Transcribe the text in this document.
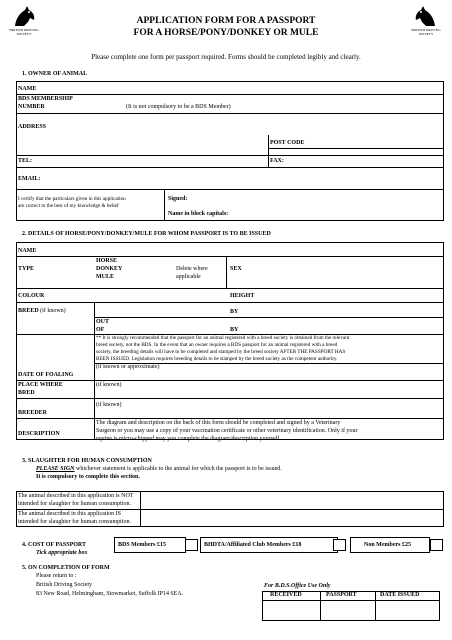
BRITISH DRIVING SOCIETY
BRITISH DRIVING SOCIETY
APPLICATION FORM FOR A PASSPORT
FOR A HORSE/PONY/DONKEY OR MULE
Please complete one form per passport required. Forms should be completed legibly and clearly.
1. OWNER OF ANIMAL
NAME
BDS MEMBERSHIP
NUMBER	(It is not compulsory to be a BDS Member)
ADDRESS
POST CODE
TEL:	FAX:
EMAIL:
I certify that the particulars given in this application
are correct to the best of my knowledge & belief
Signed:
Name in block capitals:
2. DETAILS OF HORSE/PONY/DONKEY/MULE FOR WHOM PASSPORT IS TO BE ISSUED
NAME
TYPE
HORSE
DONKEY
MULE
Delete where
applicable
SEX
COLOUR	HEIGHT
BREED (if known)	BY
OUT
OF	BY
** It is strongly recommended that the passport for an animal registered with a breed society is obtained from the relevant
breed society, not the BDS. In the event that an owner requires a BDS passport for an animal registered with a breed
society, the breeding details will have to be completed and stamped by the breed society AFTER THE PASSPORT HAS
BEEN ISSUED. Legislation requires breeding details to be stamped by the breed society as the competent authority.
(if known or approximate)
DATE OF FOALING
(if known)
PLACE WHERE
BRED
(if known)
BREEDER
The diagram and description on the back of this form should be completed and signed by a Veterinary
Surgeon or you may use a copy of your vaccination certificate or other veterinary identification. Only if your
equine is micro-chipped may you complete the diagram/description yourself
DESCRIPTION
3. SLAUGHTER FOR HUMAN CONSUMPTION
PLEASE SIGN whichever statement is applicable to the animal for which the passport is to be issued.
It is compulsory to complete this section.
The animal described in this application is NOT
intended for slaughter for human consumption.
The animal described in this application IS
intended for slaughter for human consumption.
4. COST OF PASSPORT
Tick appropriate box
BDS Members £15	BHDTA/Affiliated Club Members £18	Non Members £25
5. ON COMPLETION OF FORM
Please return to :
British Driving Society
83 New Road, Helmingham, Stowmarket, Suffolk IP14 6EA.
For B.D.S.Office Use Only
RECEIVED	PASSPORT	DATE ISSUED
